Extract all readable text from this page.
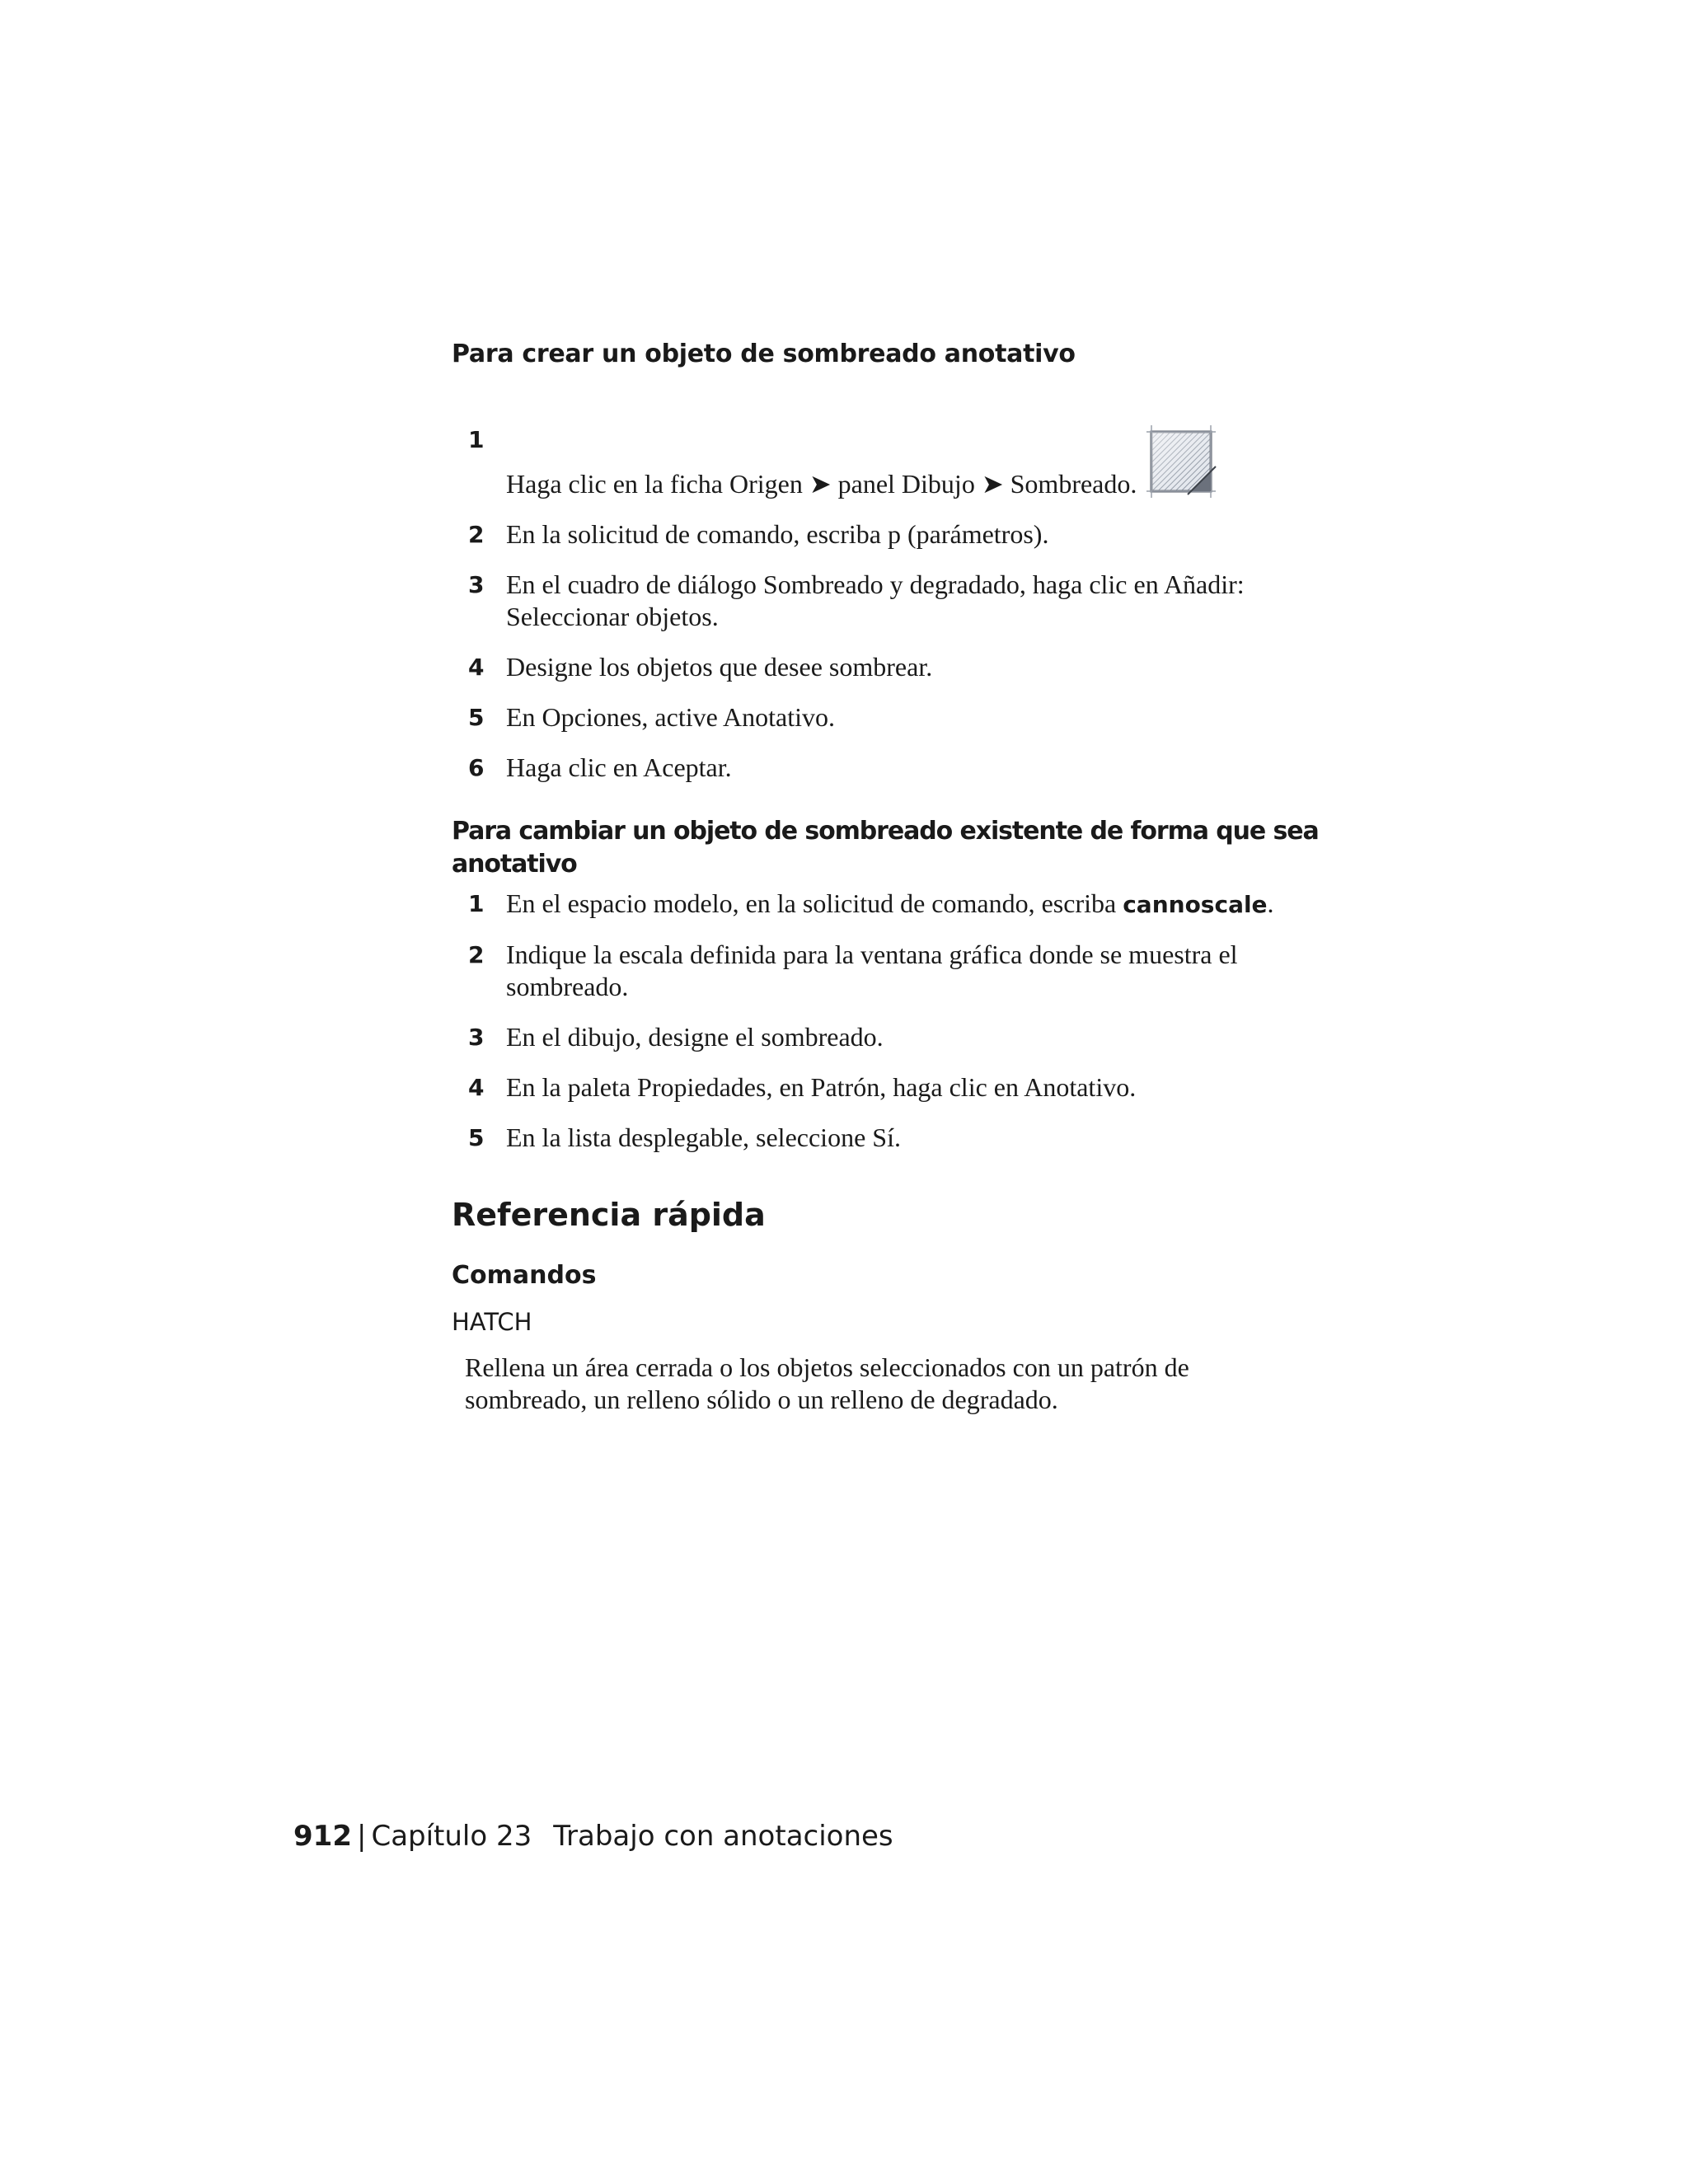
Para crear un objeto de sombreado anotativo
1
Haga clic en la ficha Origen ➤ panel Dibujo ➤ Sombreado.
2 En la solicitud de comando, escriba p (parámetros).
3 En el cuadro de diálogo Sombreado y degradado, haga clic en Añadir: Seleccionar objetos.
4 Designe los objetos que desee sombrear.
5 En Opciones, active Anotativo.
6 Haga clic en Aceptar.
Para cambiar un objeto de sombreado existente de forma que sea anotativo
1 En el espacio modelo, en la solicitud de comando, escriba cannoscale.
2 Indique la escala definida para la ventana gráfica donde se muestra el sombreado.
3 En el dibujo, designe el sombreado.
4 En la paleta Propiedades, en Patrón, haga clic en Anotativo.
5 En la lista desplegable, seleccione Sí.
Referencia rápida
Comandos

HATCH

Rellena un área cerrada o los objetos seleccionados con un patrón de sombreado, un relleno sólido o un relleno de degradado.

912 | Capítulo 23 Trabajo con anotaciones
